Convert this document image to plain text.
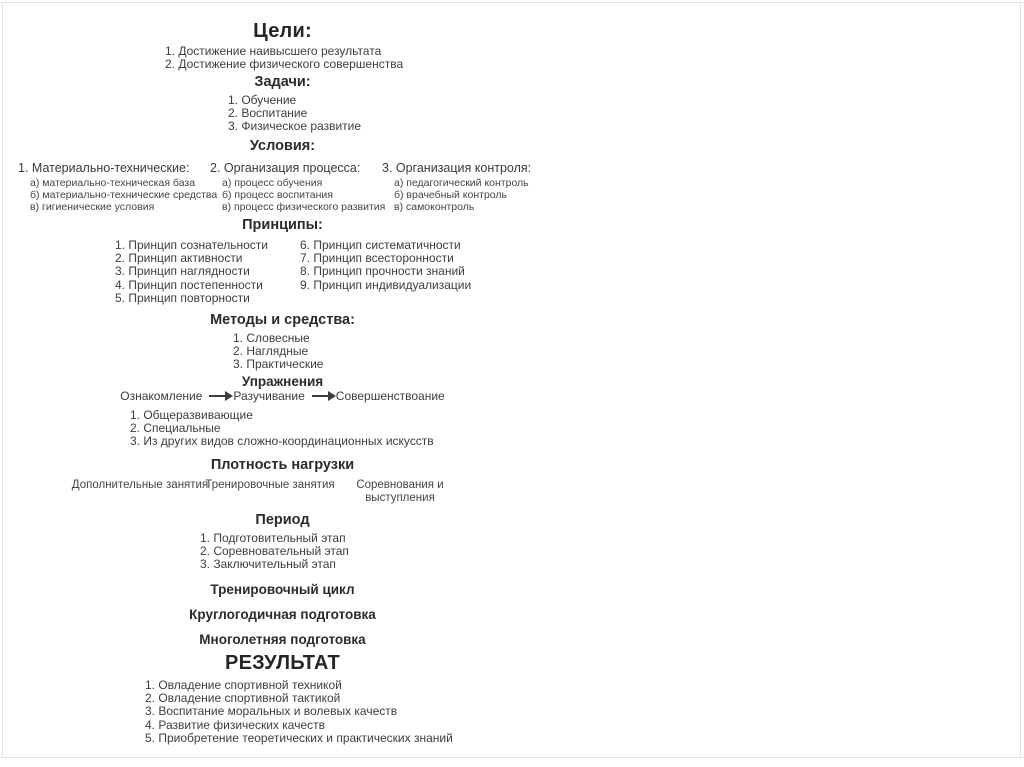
Цели:
1. Достижение наивысшего результата
2. Достижение физического совершенства
Задачи:
1. Обучение
2. Воспитание
3. Физическое развитие
Условия:
1. Материально-технические:
а) материально-техническая база
б) материально-технические средства
в) гигиенические условия
2. Организация процесса:
а) процесс обучения
б) процесс воспитания
в) процесс физического развития
3. Организация контроля:
а) педагогический контроль
б) врачебный контроль
в) самоконтроль
Принципы:
1. Принцип сознательности
2. Принцип активности
3. Принцип наглядности
4. Принцип постепенности
5. Принцип повторности
6. Принцип систематичности
7. Принцип всесторонности
8. Принцип прочности знаний
9. Принцип индивидуализации
Методы и средства:
1. Словесные
2. Наглядные
3. Практические
Упражнения
Ознакомление	Разучивание	Совершенствоание
1. Общеразвивающие
2. Специальные
3. Из других видов сложно-координационных искусств
Плотность нагрузки
Дополнительные занятия
Тренировочные занятия	Соревнования и выступления
Период
1. Подготовительный этап
2. Соревновательный этап
3. Заключительный этап
Тренировочный цикл
Круглогодичная подготовка
Многолетняя подготовка
РЕЗУЛЬТАТ
1. Овладение спортивной техникой
2. Овладение спортивной тактикой
3. Воспитание моральных и волевых качеств
4. Развитие физических качеств
5. Приобретение теоретических и практических знаний
